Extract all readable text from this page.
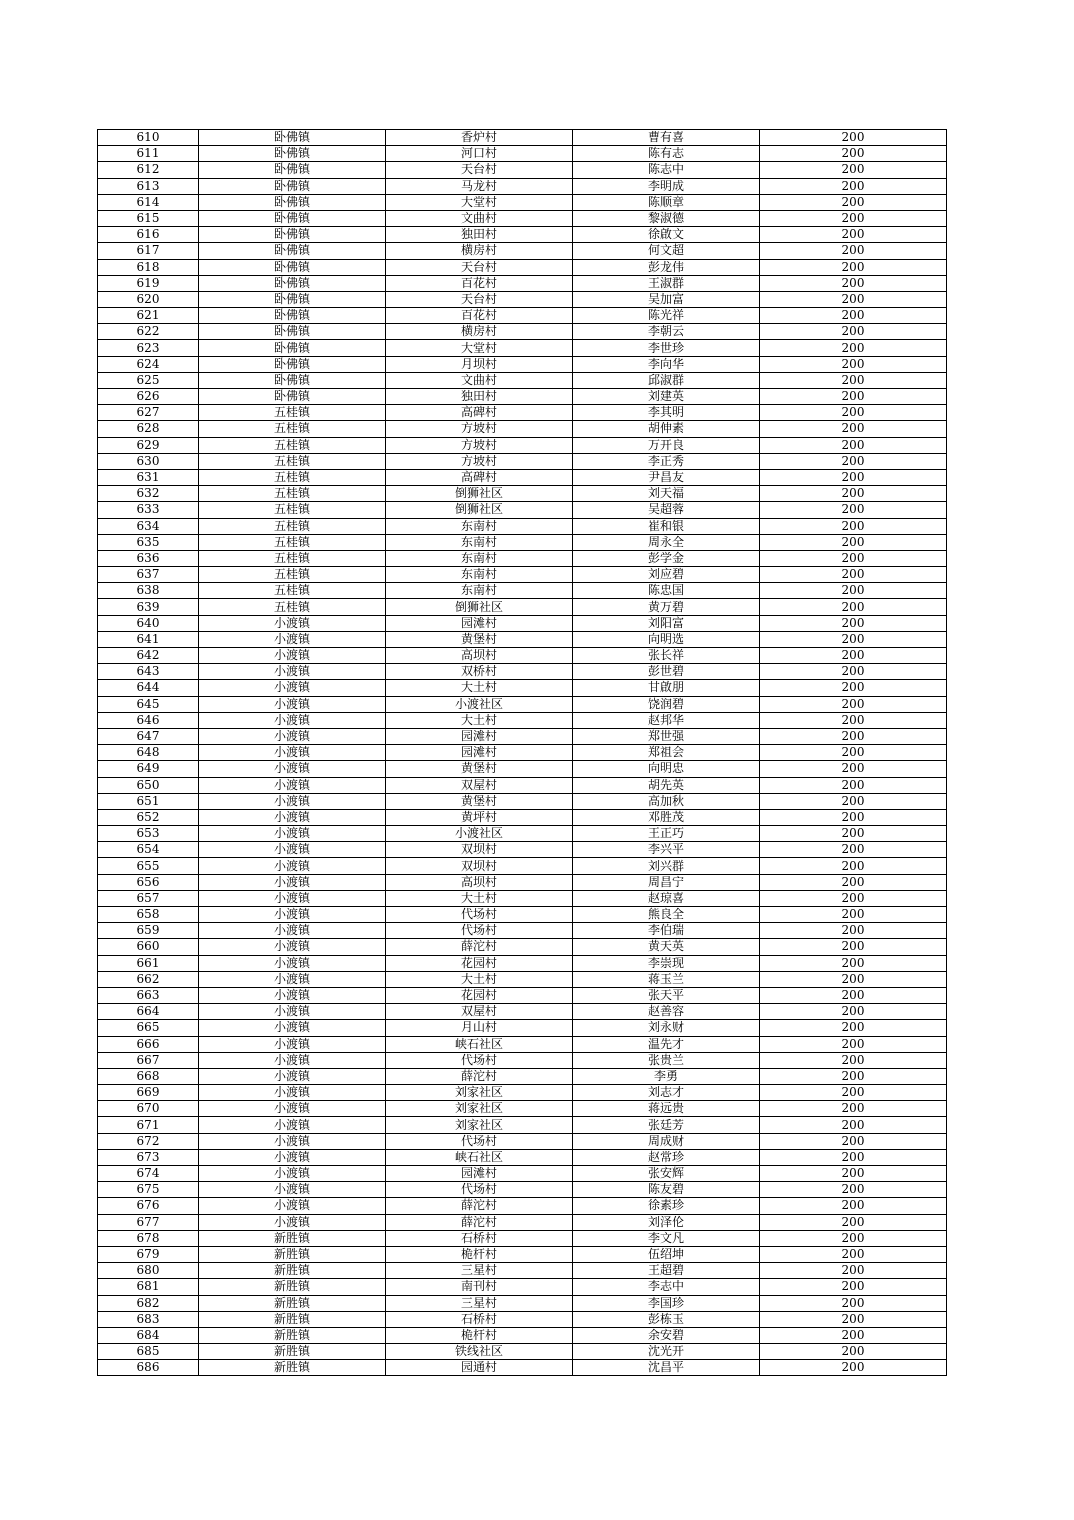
610	卧佛镇	香炉村	曹有喜	200
611	卧佛镇	河口村	陈有志	200
612	卧佛镇	天台村	陈志中	200
613	卧佛镇	马龙村	李明成	200
614	卧佛镇	大堂村	陈顺章	200
615	卧佛镇	文曲村	黎淑德	200
616	卧佛镇	独田村	徐啟文	200
617	卧佛镇	横房村	何文超	200
618	卧佛镇	天台村	彭龙伟	200
619	卧佛镇	百花村	王淑群	200
620	卧佛镇	天台村	吴加富	200
621	卧佛镇	百花村	陈光祥	200
622	卧佛镇	横房村	李朝云	200
623	卧佛镇	大堂村	李世珍	200
624	卧佛镇	月坝村	李向华	200
625	卧佛镇	文曲村	邱淑群	200
626	卧佛镇	独田村	刘建英	200
627	五桂镇	高碑村	李其明	200
628	五桂镇	方坡村	胡伸素	200
629	五桂镇	方坡村	万开良	200
630	五桂镇	方坡村	李正秀	200
631	五桂镇	高碑村	尹昌友	200
632	五桂镇	倒狮社区	刘天福	200
633	五桂镇	倒狮社区	吴超蓉	200
634	五桂镇	东南村	崔和银	200
635	五桂镇	东南村	周永全	200
636	五桂镇	东南村	彭学金	200
637	五桂镇	东南村	刘应碧	200
638	五桂镇	东南村	陈忠国	200
639	五桂镇	倒狮社区	黄万碧	200
640	小渡镇	园滩村	刘阳富	200
641	小渡镇	黄堡村	向明选	200
642	小渡镇	高坝村	张长祥	200
643	小渡镇	双桥村	彭世碧	200
644	小渡镇	大土村	甘啟朋	200
645	小渡镇	小渡社区	饶润碧	200
646	小渡镇	大土村	赵邦华	200
647	小渡镇	园滩村	郑世强	200
648	小渡镇	园滩村	郑祖会	200
649	小渡镇	黄堡村	向明忠	200
650	小渡镇	双屋村	胡先英	200
651	小渡镇	黄堡村	高加秋	200
652	小渡镇	黄坪村	邓胜茂	200
653	小渡镇	小渡社区	王正巧	200
654	小渡镇	双坝村	李兴平	200
655	小渡镇	双坝村	刘兴群	200
656	小渡镇	高坝村	周昌宁	200
657	小渡镇	大土村	赵琼喜	200
658	小渡镇	代场村	熊良全	200
659	小渡镇	代场村	李伯瑞	200
660	小渡镇	薛沱村	黄天英	200
661	小渡镇	花园村	李崇现	200
662	小渡镇	大土村	蒋玉兰	200
663	小渡镇	花园村	张天平	200
664	小渡镇	双屋村	赵善容	200
665	小渡镇	月山村	刘永财	200
666	小渡镇	峡石社区	温先才	200
667	小渡镇	代场村	张贵兰	200
668	小渡镇	薛沱村	李勇	200
669	小渡镇	刘家社区	刘志才	200
670	小渡镇	刘家社区	蒋远贵	200
671	小渡镇	刘家社区	张廷芳	200
672	小渡镇	代场村	周成财	200
673	小渡镇	峡石社区	赵常珍	200
674	小渡镇	园滩村	张安辉	200
675	小渡镇	代场村	陈友碧	200
676	小渡镇	薛沱村	徐素珍	200
677	小渡镇	薛沱村	刘泽伦	200
678	新胜镇	石桥村	李文凡	200
679	新胜镇	桅杆村	伍绍坤	200
680	新胜镇	三星村	王超碧	200
681	新胜镇	南刊村	李志中	200
682	新胜镇	三星村	李国珍	200
683	新胜镇	石桥村	彭栋玉	200
684	新胜镇	桅杆村	余安碧	200
685	新胜镇	铁线社区	沈光开	200
686	新胜镇	园通村	沈昌平	200
